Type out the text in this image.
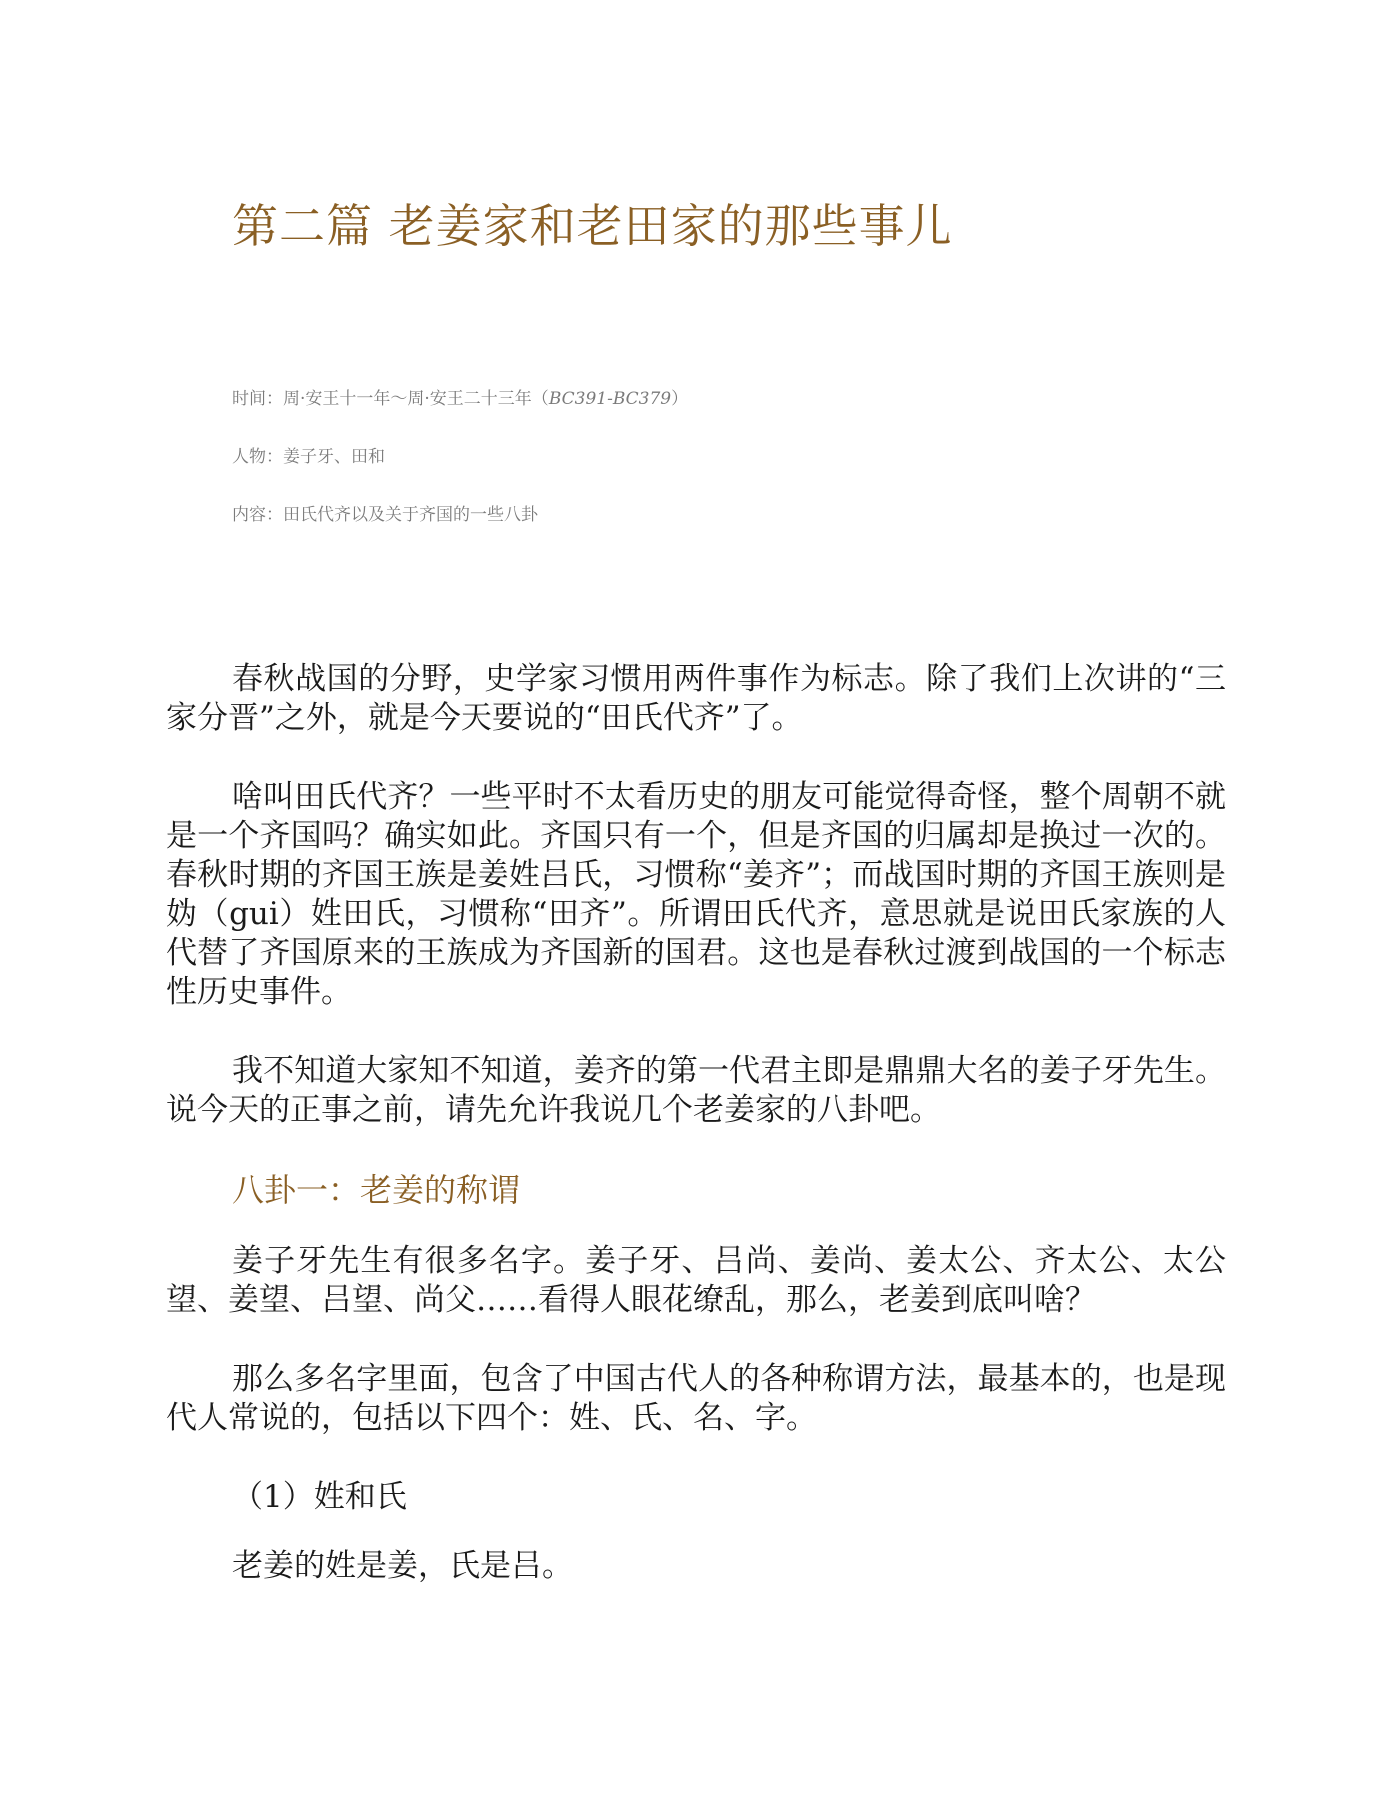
第二篇 老姜家和老田家的那些事儿
时间：周·安王十一年～周·安王二十三年（BC391-BC379）
人物：姜子牙、田和
内容：田氏代齐以及关于齐国的一些八卦

春秋战国的分野，史学家习惯用两件事作为标志。除了我们上次讲的“三家分晋”之外，就是今天要说的“田氏代齐”了。

啥叫田氏代齐？一些平时不太看历史的朋友可能觉得奇怪，整个周朝不就是一个齐国吗？确实如此。齐国只有一个，但是齐国的归属却是换过一次的。春秋时期的齐国王族是姜姓吕氏，习惯称“姜齐”；而战国时期的齐国王族则是妫（gui）姓田氏，习惯称“田齐”。所谓田氏代齐，意思就是说田氏家族的人代替了齐国原来的王族成为齐国新的国君。这也是春秋过渡到战国的一个标志性历史事件。

我不知道大家知不知道，姜齐的第一代君主即是鼎鼎大名的姜子牙先生。说今天的正事之前，请先允许我说几个老姜家的八卦吧。

八卦一：老姜的称谓

姜子牙先生有很多名字。姜子牙、吕尚、姜尚、姜太公、齐太公、太公望、姜望、吕望、尚父……看得人眼花缭乱，那么，老姜到底叫啥？

那么多名字里面，包含了中国古代人的各种称谓方法，最基本的，也是现代人常说的，包括以下四个：姓、氏、名、字。

（1）姓和氏

老姜的姓是姜，氏是吕。
